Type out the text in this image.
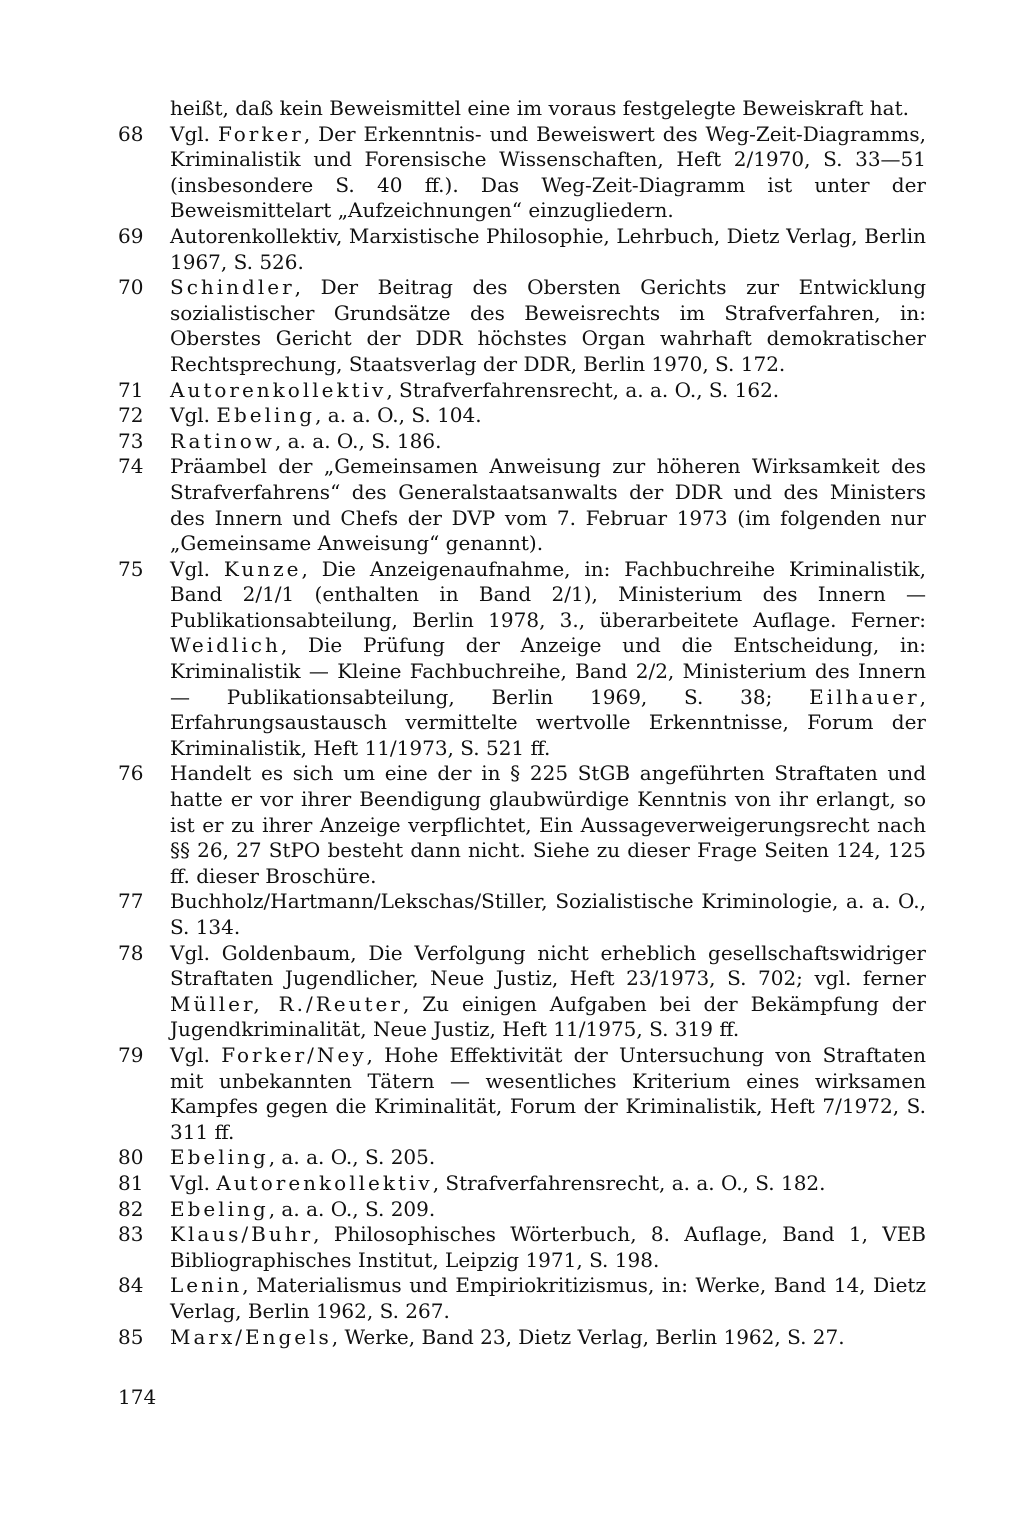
heißt, daß kein Beweismittel eine im voraus festgelegte Beweiskraft hat.
68	Vgl. Forker, Der Erkenntnis- und Beweiswert des Weg-Zeit-Diagramms, Kriminalistik und Forensische Wissenschaften, Heft 2/1970, S. 33—51 (insbesondere S. 40 ff.). Das Weg-Zeit-Diagramm ist unter der Beweismittelart „Aufzeichnungen“ einzugliedern.
69	Autorenkollektiv, Marxistische Philosophie, Lehrbuch, Dietz Verlag, Berlin 1967, S. 526.
70	Schindler, Der Beitrag des Obersten Gerichts zur Entwicklung sozialistischer Grundsätze des Beweisrechts im Strafverfahren, in: Oberstes Gericht der DDR höchstes Organ wahrhaft demokratischer Rechtsprechung, Staatsverlag der DDR, Berlin 1970, S. 172.
71	Autorenkollektiv, Strafverfahrensrecht, a. a. O., S. 162.
72	Vgl. Ebeling, a. a. O., S. 104.
73	Ratinow, a. a. O., S. 186.
74	Präambel der „Gemeinsamen Anweisung zur höheren Wirksamkeit des Strafverfahrens“ des Generalstaatsanwalts der DDR und des Ministers des Innern und Chefs der DVP vom 7. Februar 1973 (im folgenden nur „Gemeinsame Anweisung“ genannt).
75	Vgl. Kunze, Die Anzeigenaufnahme, in: Fachbuchreihe Kriminalistik, Band 2/1/1 (enthalten in Band 2/1), Ministerium des Innern — Publikationsabteilung, Berlin 1978, 3., überarbeitete Auflage. Ferner: Weidlich, Die Prüfung der Anzeige und die Entscheidung, in: Kriminalistik — Kleine Fachbuchreihe, Band 2/2, Ministerium des Innern — Publikationsabteilung, Berlin 1969, S. 38; Eilhauer, Erfahrungsaustausch vermittelte wertvolle Erkenntnisse, Forum der Kriminalistik, Heft 11/1973, S. 521 ff.
76	Handelt es sich um eine der in § 225 StGB angeführten Straftaten und hatte er vor ihrer Beendigung glaubwürdige Kenntnis von ihr erlangt, so ist er zu ihrer Anzeige verpflichtet, Ein Aussageverweigerungsrecht nach §§ 26, 27 StPO besteht dann nicht. Siehe zu dieser Frage Seiten 124, 125 ff. dieser Broschüre.
77	Buchholz/Hartmann/Lekschas/Stiller, Sozialistische Kriminologie, a. a. O., S. 134.
78	Vgl. Goldenbaum, Die Verfolgung nicht erheblich gesellschaftswidriger Straftaten Jugendlicher, Neue Justiz, Heft 23/1973, S. 702; vgl. ferner Müller, R./Reuter, Zu einigen Aufgaben bei der Bekämpfung der Jugendkriminalität, Neue Justiz, Heft 11/1975, S. 319 ff.
79	Vgl. Forker/Ney, Hohe Effektivität der Untersuchung von Straftaten mit unbekannten Tätern — wesentliches Kriterium eines wirksamen Kampfes gegen die Kriminalität, Forum der Kriminalistik, Heft 7/1972, S. 311 ff.
80	Ebeling, a. a. O., S. 205.
81	Vgl. Autorenkollektiv, Strafverfahrensrecht, a. a. O., S. 182.
82	Ebeling, a. a. O., S. 209.
83	Klaus/Buhr, Philosophisches Wörterbuch, 8. Auflage, Band 1, VEB Bibliographisches Institut, Leipzig 1971, S. 198.
84	Lenin, Materialismus und Empiriokritizismus, in: Werke, Band 14, Dietz Verlag, Berlin 1962, S. 267.
85	Marx/Engels, Werke, Band 23, Dietz Verlag, Berlin 1962, S. 27.
174
